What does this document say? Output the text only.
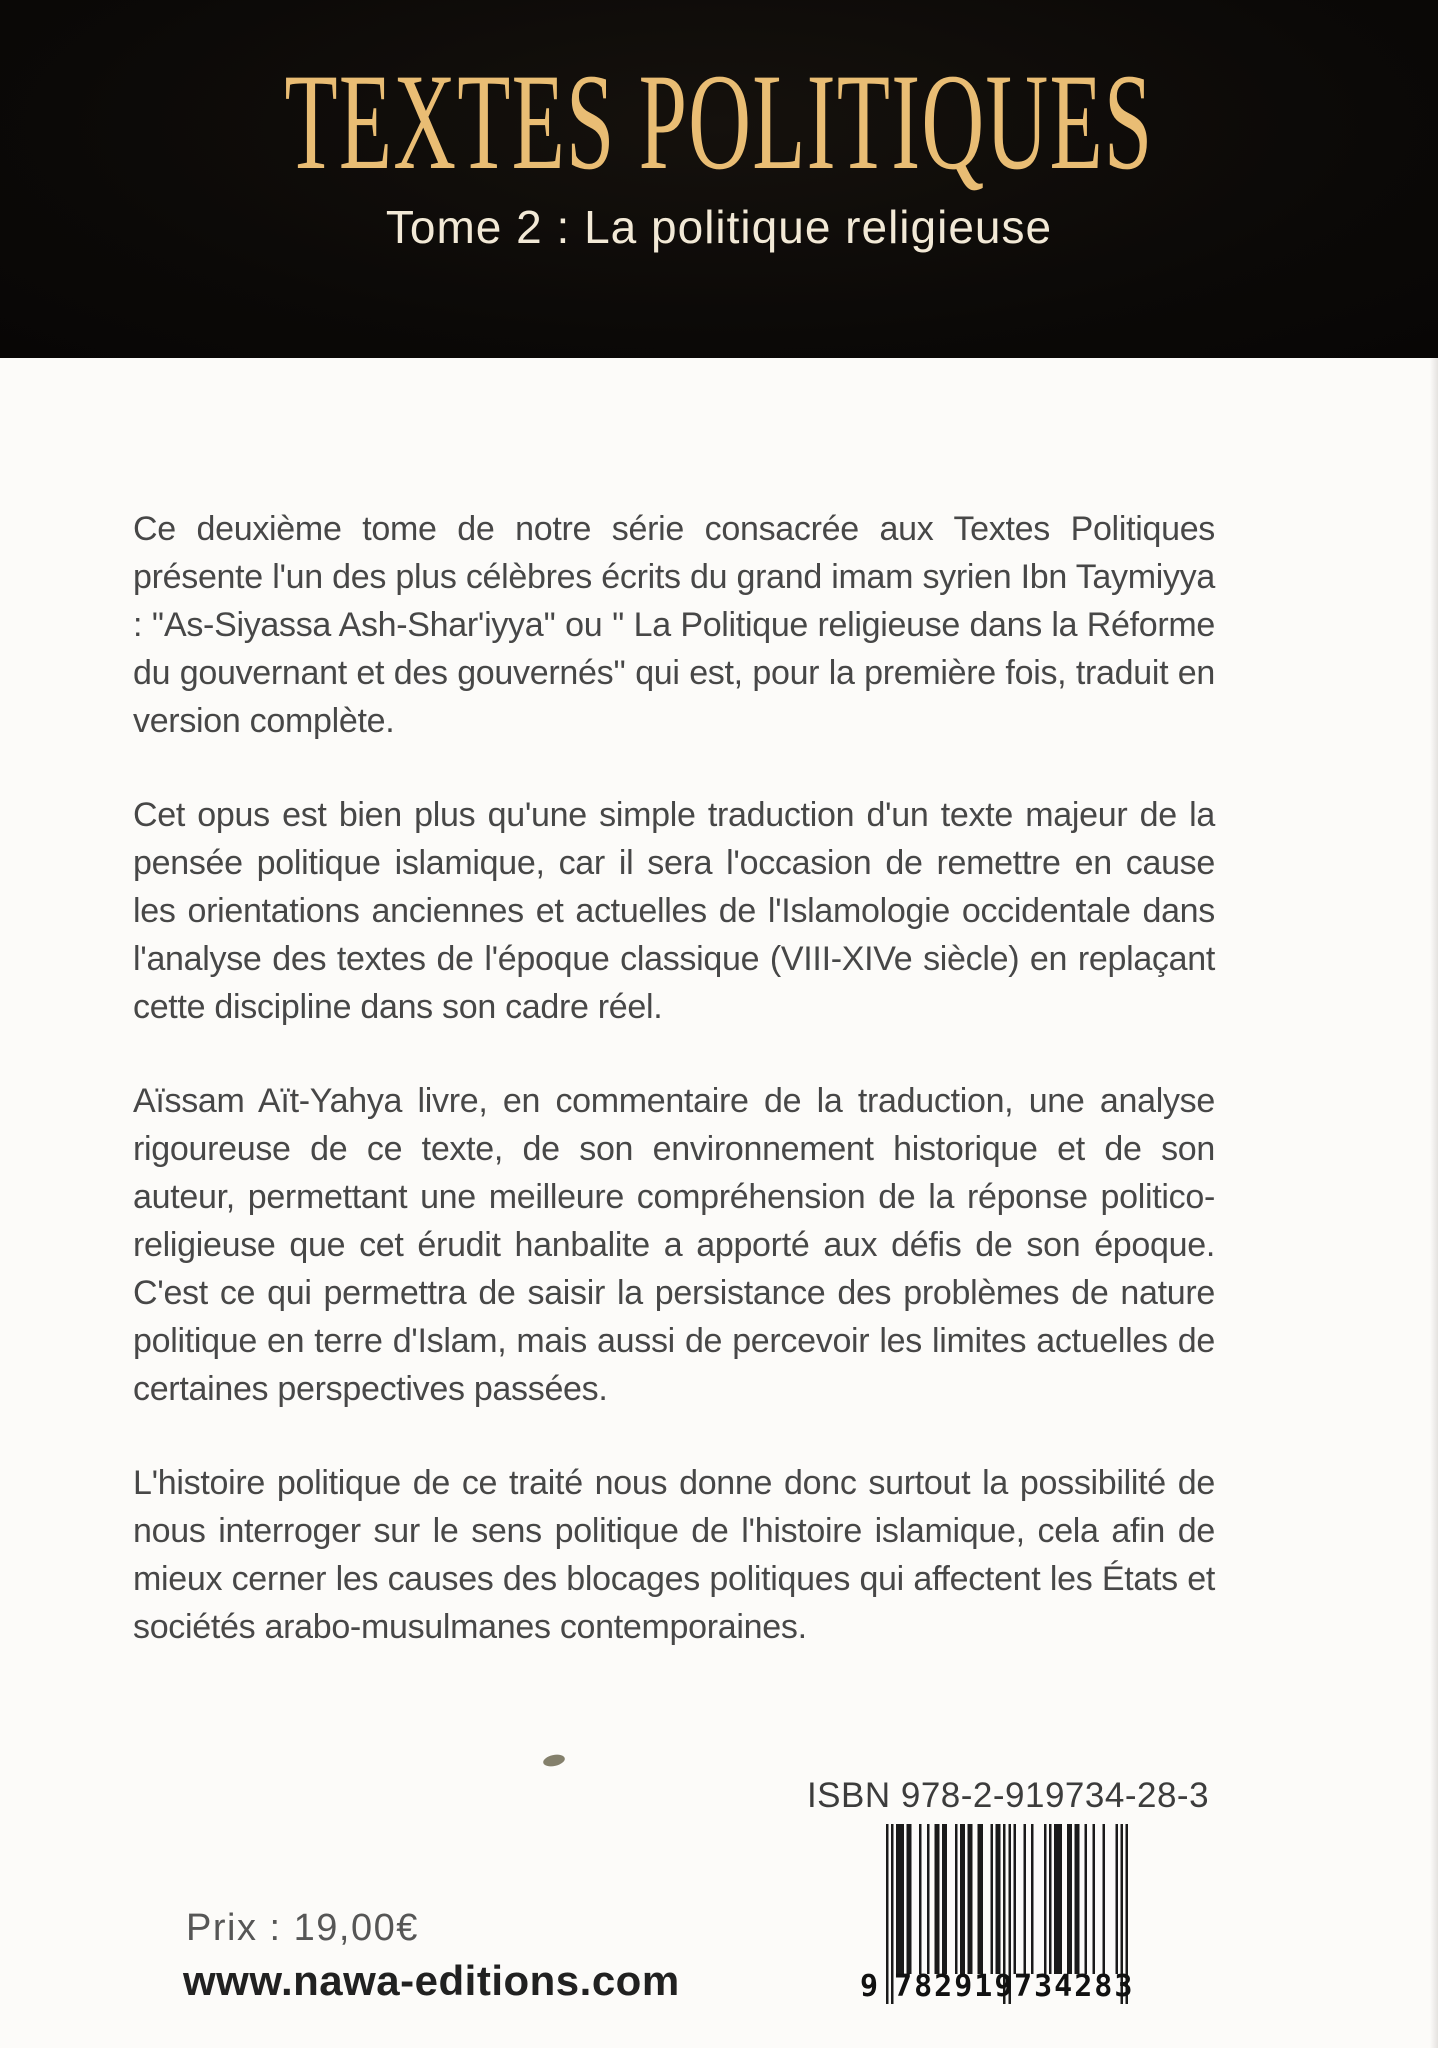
TEXTES POLITIQUES
Tome 2 : La politique religieuse

Ce deuxième tome de notre série consacrée aux Textes Politiques présente l'un des plus célèbres écrits du grand imam syrien Ibn Taymiyya : ''As-Siyassa Ash-Shar'iyya'' ou '' La Politique religieuse dans la Réforme du gouvernant et des gouvernés'' qui est, pour la première fois, traduit en version complète.

Cet opus est bien plus qu'une simple traduction d'un texte majeur de la pensée politique islamique, car il sera l'occasion de remettre en cause les orientations anciennes et actuelles de l'Islamologie occidentale dans l'analyse des textes de l'époque classique (VIII-XIVe siècle) en replaçant cette discipline dans son cadre réel.

Aïssam Aït-Yahya livre, en commentaire de la traduction, une analyse rigoureuse de ce texte, de son environnement historique et de son auteur, permettant une meilleure compréhension de la réponse politico-religieuse que cet érudit hanbalite a apporté aux défis de son époque. C'est ce qui permettra de saisir la persistance des problèmes de nature politique en terre d'Islam, mais aussi de percevoir les limites actuelles de certaines perspectives passées.

L'histoire politique de ce traité nous donne donc surtout la possibilité de nous interroger sur le sens politique de l'histoire islamique, cela afin de mieux cerner les causes des blocages politiques qui affectent les États et sociétés arabo-musulmanes contemporaines.

ISBN 978-2-919734-28-3
9 7 8 2 9 1 9 7 3 4 2 8 3
Prix : 19,00€
www.nawa-editions.com
